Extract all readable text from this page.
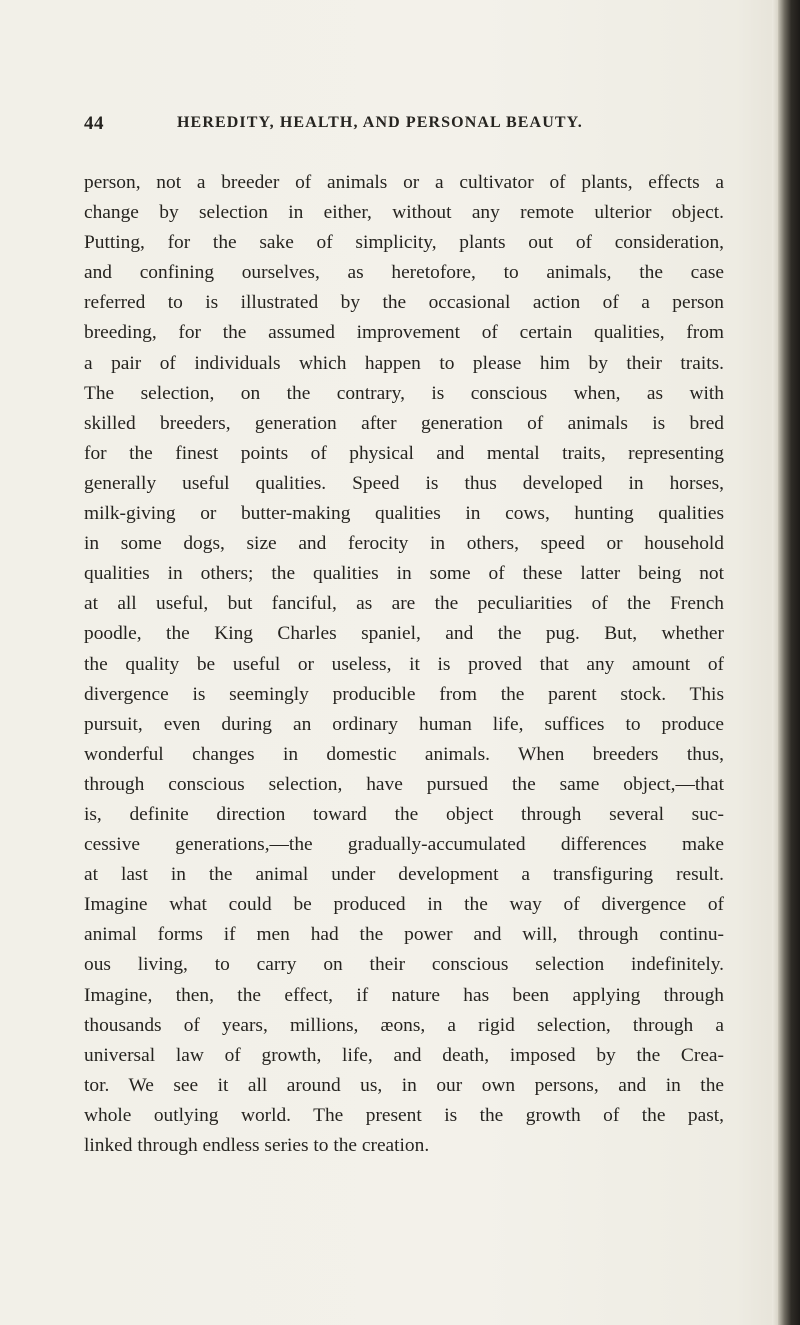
44	HEREDITY, HEALTH, AND PERSONAL BEAUTY.
person, not a breeder of animals or a cultivator of plants, effects a
change by selection in either, without any remote ulterior object.
Putting, for the sake of simplicity, plants out of consideration,
and confining ourselves, as heretofore, to animals, the case
referred to is illustrated by the occasional action of a person
breeding, for the assumed improvement of certain qualities, from
a pair of individuals which happen to please him by their traits.
The selection, on the contrary, is conscious when, as with
skilled breeders, generation after generation of animals is bred
for the finest points of physical and mental traits, representing
generally useful qualities. Speed is thus developed in horses,
milk-giving or butter-making qualities in cows, hunting qualities
in some dogs, size and ferocity in others, speed or household
qualities in others; the qualities in some of these latter being not
at all useful, but fanciful, as are the peculiarities of the French
poodle, the King Charles spaniel, and the pug. But, whether
the quality be useful or useless, it is proved that any amount of
divergence is seemingly producible from the parent stock. This
pursuit, even during an ordinary human life, suffices to produce
wonderful changes in domestic animals. When breeders thus,
through conscious selection, have pursued the same object,—that
is, definite direction toward the object through several suc-
cessive generations,—the gradually-accumulated differences make
at last in the animal under development a transfiguring result.
Imagine what could be produced in the way of divergence of
animal forms if men had the power and will, through continu-
ous living, to carry on their conscious selection indefinitely.
Imagine, then, the effect, if nature has been applying through
thousands of years, millions, æons, a rigid selection, through a
universal law of growth, life, and death, imposed by the Crea-
tor. We see it all around us, in our own persons, and in the
whole outlying world. The present is the growth of the past,
linked through endless series to the creation.
